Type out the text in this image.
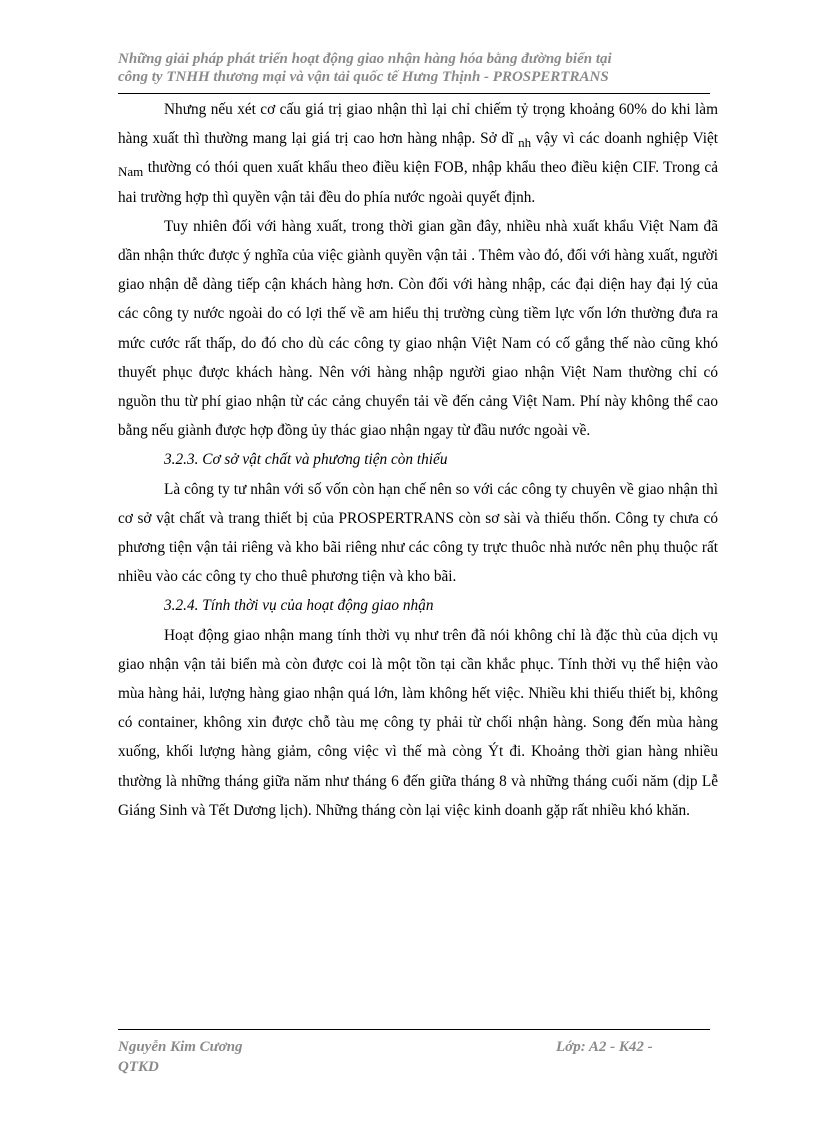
Những giải pháp phát triển hoạt động giao nhận hàng hóa bằng đường biển tại
công ty TNHH thương mại và vận tải quốc tế Hưng Thịnh - PROSPERTRANS

Nhưng nếu xét cơ cấu giá trị giao nhận thì lại chỉ chiếm tỷ trọng khoảng 60% do khi làm hàng xuất thì thường mang lại giá trị cao hơn hàng nhập. Sở dĩ $_{nh}$ vậy vì các doanh nghiệp Việt $_{Nam}$ thường có thói quen xuất khẩu theo điều kiện FOB, nhập khẩu theo điều kiện CIF. Trong cả hai trường hợp thì quyền vận tải đều do phía nước ngoài quyết định.

Tuy nhiên đối với hàng xuất, trong thời gian gần đây, nhiều nhà xuất khẩu Việt Nam đã dần nhận thức được ý nghĩa của việc giành quyền vận tải . Thêm vào đó, đối với hàng xuất, người giao nhận dễ dàng tiếp cận khách hàng hơn. Còn đối với hàng nhập, các đại diện hay đại lý của các công ty nước ngoài do có lợi thế về am hiểu thị trường cùng tiềm lực vốn lớn thường đưa ra mức cước rất thấp, do đó cho dù các công ty giao nhận Việt Nam có cố gắng thế nào cũng khó thuyết phục được khách hàng. Nên với hàng nhập người giao nhận Việt Nam thường chỉ có nguồn thu từ phí giao nhận từ các cảng chuyển tải về đến cảng Việt Nam. Phí này không thể cao bằng nếu giành được hợp đồng ủy thác giao nhận ngay từ đầu nước ngoài về.

3.2.3. Cơ sở vật chất và phương tiện còn thiếu

Là công ty tư nhân với số vốn còn hạn chế nên so với các công ty chuyên về giao nhận thì cơ sở vật chất và trang thiết bị của PROSPERTRANS còn sơ sài và thiếu thốn. Công ty chưa có phương tiện vận tải riêng và kho bãi riêng như các công ty trực thuôc nhà nước nên phụ thuộc rất nhiều vào các công ty cho thuê phương tiện và kho bãi.

3.2.4. Tính thời vụ của hoạt động giao nhận

Hoạt động giao nhận mang tính thời vụ như trên đã nói không chỉ là đặc thù của dịch vụ giao nhận vận tải biển mà còn được coi là một tồn tại cần khắc phục. Tính thời vụ thể hiện vào mùa hàng hải, lượng hàng giao nhận quá lớn, làm không hết việc. Nhiều khi thiếu thiết bị, không có container, không xin được chỗ tàu mẹ công ty phải từ chối nhận hàng. Song đến mùa hàng xuống, khối lượng hàng giảm, công việc vì thế mà còng Ýt đi. Khoảng thời gian hàng nhiều thường là những tháng giữa năm như tháng 6 đến giữa tháng 8 và những tháng cuối năm (dịp Lễ Giáng Sinh và Tết Dương lịch). Những tháng còn lại việc kinh doanh gặp rất nhiều khó khăn.

Nguyễn Kim Cương
QTKD
Lớp: A2 - K42 -
